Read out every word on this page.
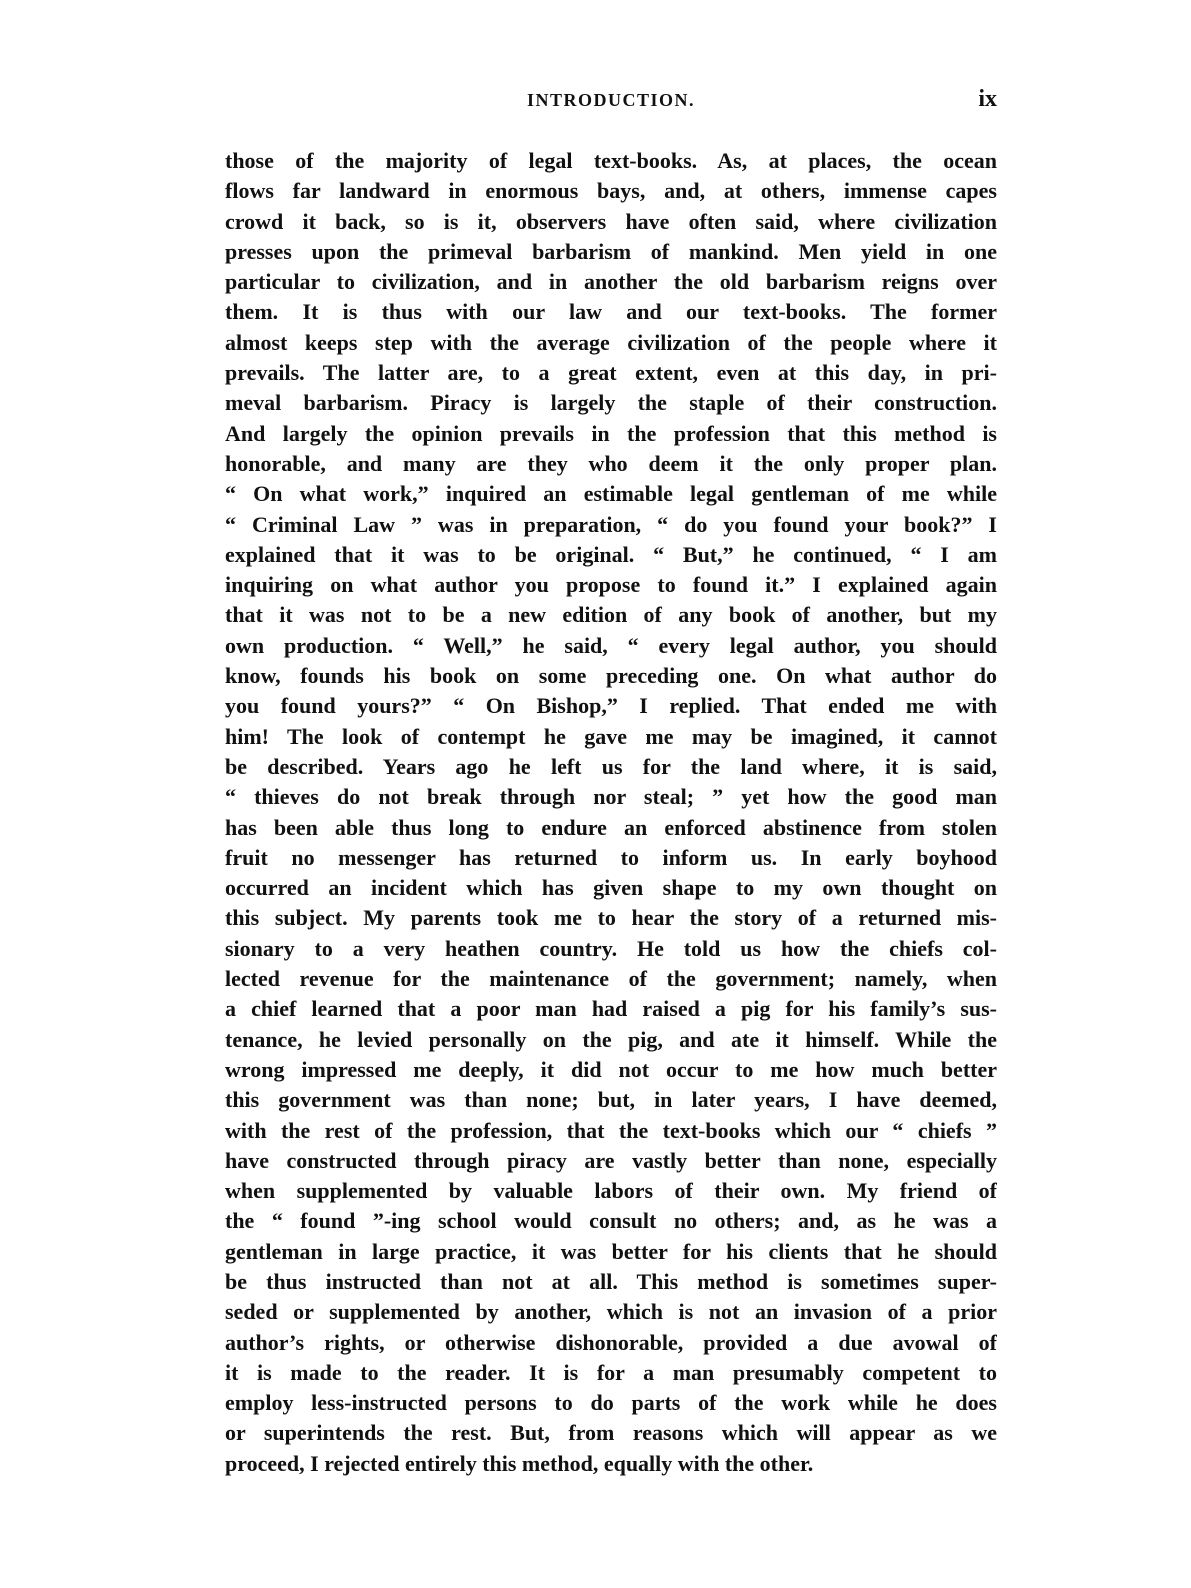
INTRODUCTION.	ix
those of the majority of legal text-books. As, at places, the ocean
flows far landward in enormous bays, and, at others, immense capes
crowd it back, so is it, observers have often said, where civilization
presses upon the primeval barbarism of mankind. Men yield in one
particular to civilization, and in another the old barbarism reigns over
them. It is thus with our law and our text-books. The former
almost keeps step with the average civilization of the people where it
prevails. The latter are, to a great extent, even at this day, in pri-
meval barbarism. Piracy is largely the staple of their construction.
And largely the opinion prevails in the profession that this method is
honorable, and many are they who deem it the only proper plan.
“ On what work,” inquired an estimable legal gentleman of me while
“ Criminal Law ” was in preparation, “ do you found your book?” I
explained that it was to be original. “ But,” he continued, “ I am
inquiring on what author you propose to found it.” I explained again
that it was not to be a new edition of any book of another, but my
own production. “ Well,” he said, “ every legal author, you should
know, founds his book on some preceding one. On what author do
you found yours?” “ On Bishop,” I replied. That ended me with
him! The look of contempt he gave me may be imagined, it cannot
be described. Years ago he left us for the land where, it is said,
“ thieves do not break through nor steal; ” yet how the good man
has been able thus long to endure an enforced abstinence from stolen
fruit no messenger has returned to inform us. In early boyhood
occurred an incident which has given shape to my own thought on
this subject. My parents took me to hear the story of a returned mis-
sionary to a very heathen country. He told us how the chiefs col-
lected revenue for the maintenance of the government; namely, when
a chief learned that a poor man had raised a pig for his family’s sus-
tenance, he levied personally on the pig, and ate it himself. While the
wrong impressed me deeply, it did not occur to me how much better
this government was than none; but, in later years, I have deemed,
with the rest of the profession, that the text-books which our “ chiefs ”
have constructed through piracy are vastly better than none, especially
when supplemented by valuable labors of their own. My friend of
the “ found ”-ing school would consult no others; and, as he was a
gentleman in large practice, it was better for his clients that he should
be thus instructed than not at all. This method is sometimes super-
seded or supplemented by another, which is not an invasion of a prior
author’s rights, or otherwise dishonorable, provided a due avowal of
it is made to the reader. It is for a man presumably competent to
employ less-instructed persons to do parts of the work while he does
or superintends the rest. But, from reasons which will appear as we
proceed, I rejected entirely this method, equally with the other.
